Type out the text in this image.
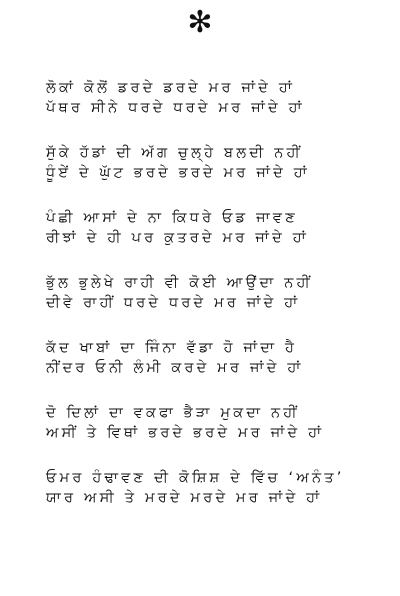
✻
ਲੋਕਾਂ ਕੋਲੋਂ ਡਰਦੇ ਡਰਦੇ ਮਰ ਜਾਂਦੇ ਹਾਂ
ਪੱਥਰ ਸੀਨੇ ਧਰਦੇ ਧਰਦੇ ਮਰ ਜਾਂਦੇ ਹਾਂ
ਸੁੱਕੇ ਹੱਡਾਂ ਦੀ ਅੱਗ ਚੁਲ੍ਹੇ ਬਲਦੀ ਨਹੀਂ
ਧੂੰਏਂ ਦੇ ਘੁੱਟ ਭਰਦੇ ਭਰਦੇ ਮਰ ਜਾਂਦੇ ਹਾਂ
ਪੰਛੀ ਆਸਾਂ ਦੇ ਨਾ ਕਿਧਰੇ ਓਡ ਜਾਵਣ
ਰੀਝਾਂ ਦੇ ਹੀ ਪਰ ਕੁਤਰਦੇ ਮਰ ਜਾਂਦੇ ਹਾਂ
ਭੁੱਲ ਭੁਲੇਖੇ ਰਾਹੀ ਵੀ ਕੋਈ ਆਉਂਦਾ ਨਹੀਂ
ਦੀਵੇ ਰਾਹੀਂ ਧਰਦੇ ਧਰਦੇ ਮਰ ਜਾਂਦੇ ਹਾਂ
ਕੱਦ ਖਾਬਾਂ ਦਾ ਜਿੰਨਾ ਵੱਡਾ ਹੋ ਜਾਂਦਾ ਹੈ
ਨੀਂਦਰ ਓਨੀ ਲੰਮੀ ਕਰਦੇ ਮਰ ਜਾਂਦੇ ਹਾਂ
ਦੋ ਦਿਲਾਂ ਦਾ ਵਕਫਾ ਭੈੜਾ ਮੁਕਦਾ ਨਹੀਂ
ਅਸੀਂ ਤੇ ਵਿਥਾਂ ਭਰਦੇ ਭਰਦੇ ਮਰ ਜਾਂਦੇ ਹਾਂ
ਓਮਰ ਹੰਢਾਵਣ ਦੀ ਕੋਸ਼ਿਸ਼ ਦੇ ਵਿੱਚ ‘ਅਨੰਤ’
ਯਾਰ ਅਸੀ ਤੇ ਮਰਦੇ ਮਰਦੇ ਮਰ ਜਾਂਦੇ ਹਾਂ
